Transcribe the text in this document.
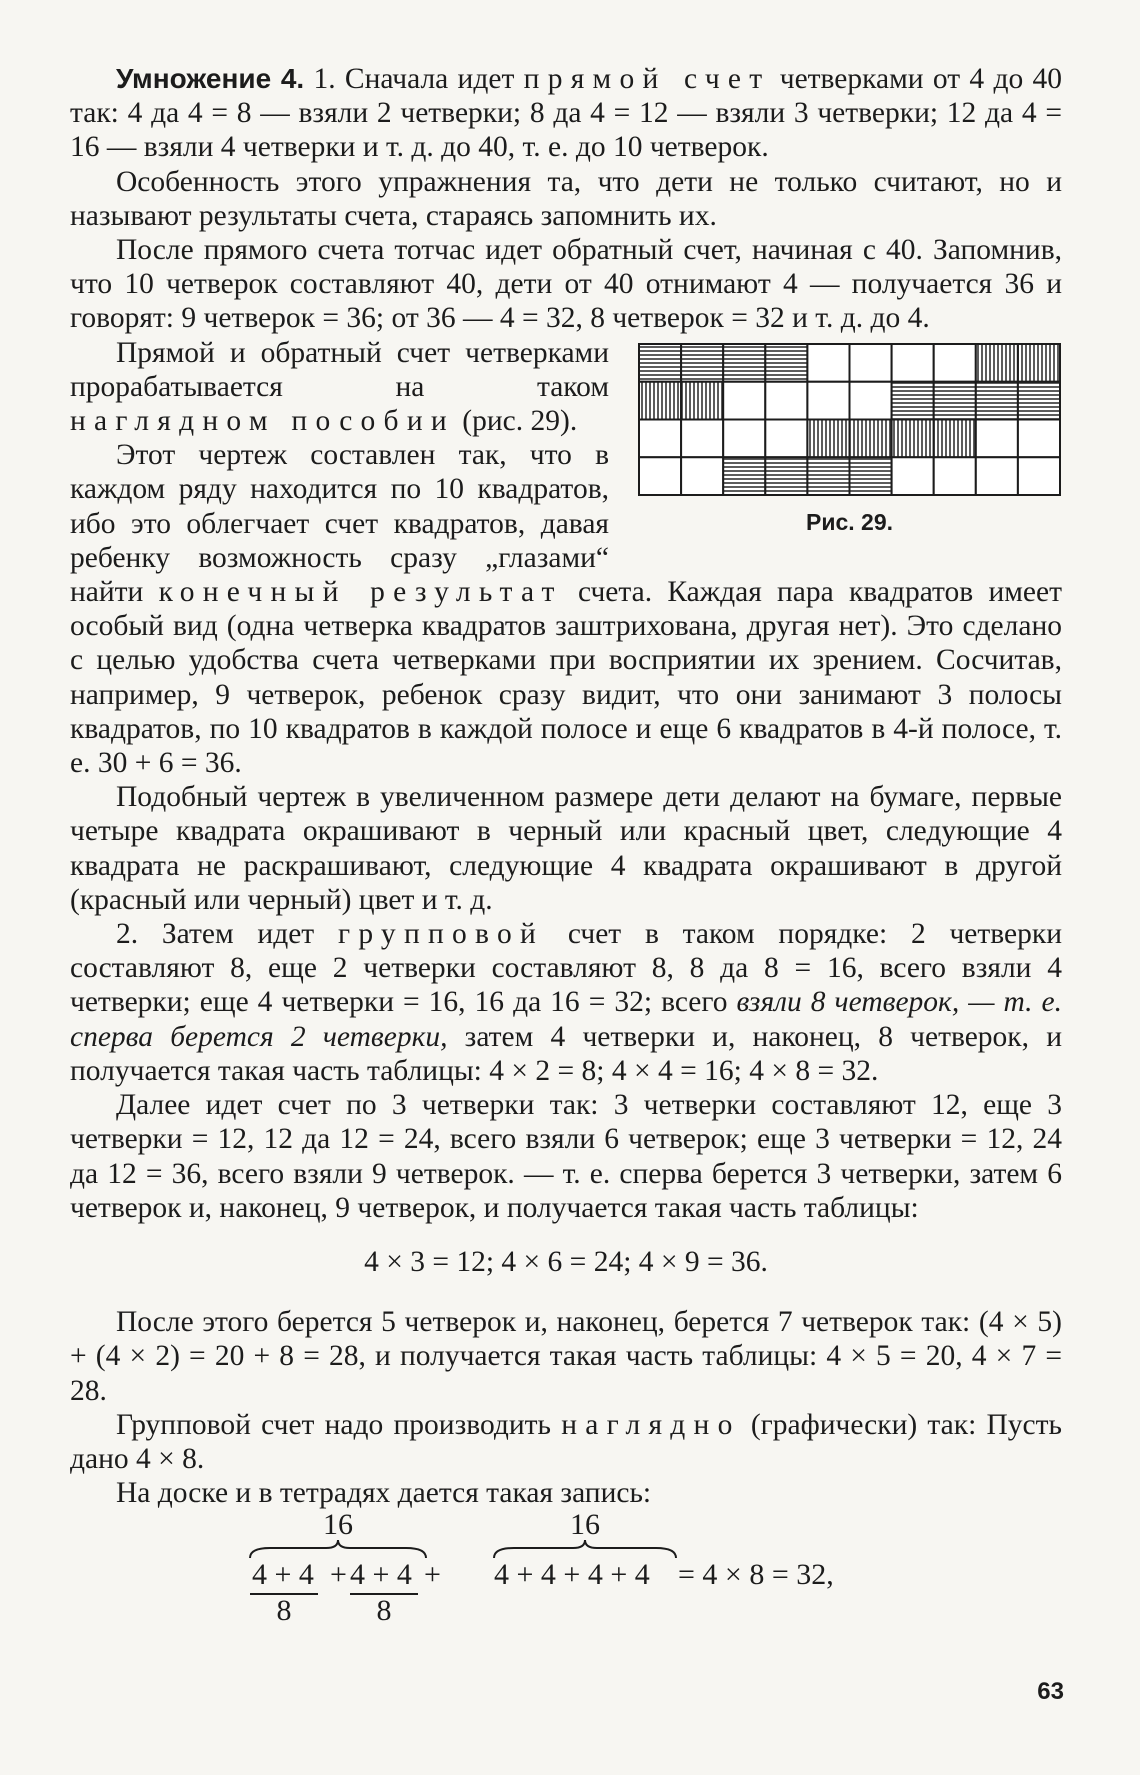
Умножение 4. 1. Сначала идет прямой счет четверками от 4 до 40 так: 4 да 4 = 8 — взяли 2 четверки; 8 да 4 = 12 — взяли 3 четверки; 12 да 4 = 16 — взяли 4 четверки и т. д. до 40, т. е. до 10 четверок.

Особенность этого упражнения та, что дети не только считают, но и называют результаты счета, стараясь запомнить их.

После прямого счета тотчас идет обратный счет, начиная с 40. Запомнив, что 10 четверок составляют 40, дети от 40 отнимают 4 — получается 36 и говорят: 9 четверок = 36; от 36 — 4 = 32, 8 четверок = 32 и т. д. до 4.

Рис. 29.

Прямой и обратный счет четверками прорабатывается на таком наглядном пособии (рис. 29).

Этот чертеж составлен так, что в каждом ряду находится по 10 квадратов, ибо это облегчает счет квадратов, давая ребенку возможность сразу „глазами“ найти конечный результат счета. Каждая пара квадратов имеет особый вид (одна четверка квадратов заштрихована, другая нет). Это сделано с целью удобства счета четверками при восприятии их зрением. Сосчитав, например, 9 четверок, ребенок сразу видит, что они занимают 3 полосы квадратов, по 10 квадратов в каждой полосе и еще 6 квадратов в 4-й полосе, т. е. 30 + 6 = 36.

Подобный чертеж в увеличенном размере дети делают на бумаге, первые четыре квадрата окрашивают в черный или красный цвет, следующие 4 квадрата не раскрашивают, следующие 4 квадрата окрашивают в другой (красный или черный) цвет и т. д.

2. Затем идет групповой счет в таком порядке: 2 четверки составляют 8, еще 2 четверки составляют 8, 8 да 8 = 16, всего взяли 4 четверки; еще 4 четверки = 16, 16 да 16 = 32; всего взяли 8 четверок, — т. е. сперва берется 2 четверки, затем 4 четверки и, наконец, 8 четверок, и получается такая часть таблицы: 4 × 2 = 8; 4 × 4 = 16; 4 × 8 = 32.

Далее идет счет по 3 четверки так: 3 четверки составляют 12, еще 3 четверки = 12, 12 да 12 = 24, всего взяли 6 четверок; еще 3 четверки = 12, 24 да 12 = 36, всего взяли 9 четверок. — т. е. сперва берется 3 четверки, затем 6 четверок и, наконец, 9 четверок, и получается такая часть таблицы:

4 × 3 = 12; 4 × 6 = 24; 4 × 9 = 36.

После этого берется 5 четверок и, наконец, берется 7 четверок так: (4 × 5) + (4 × 2) = 20 + 8 = 28, и получается такая часть таблицы: 4 × 5 = 20, 4 × 7 = 28.

Групповой счет надо производить наглядно (графически) так: Пусть дано 4 × 8.

На доске и в тетрадях дается такая запись:

16	16
4 + 4 + 4 + 4 + 4 + 4 + 4 + 4 = 4 × 8 = 32,
8	8
63
